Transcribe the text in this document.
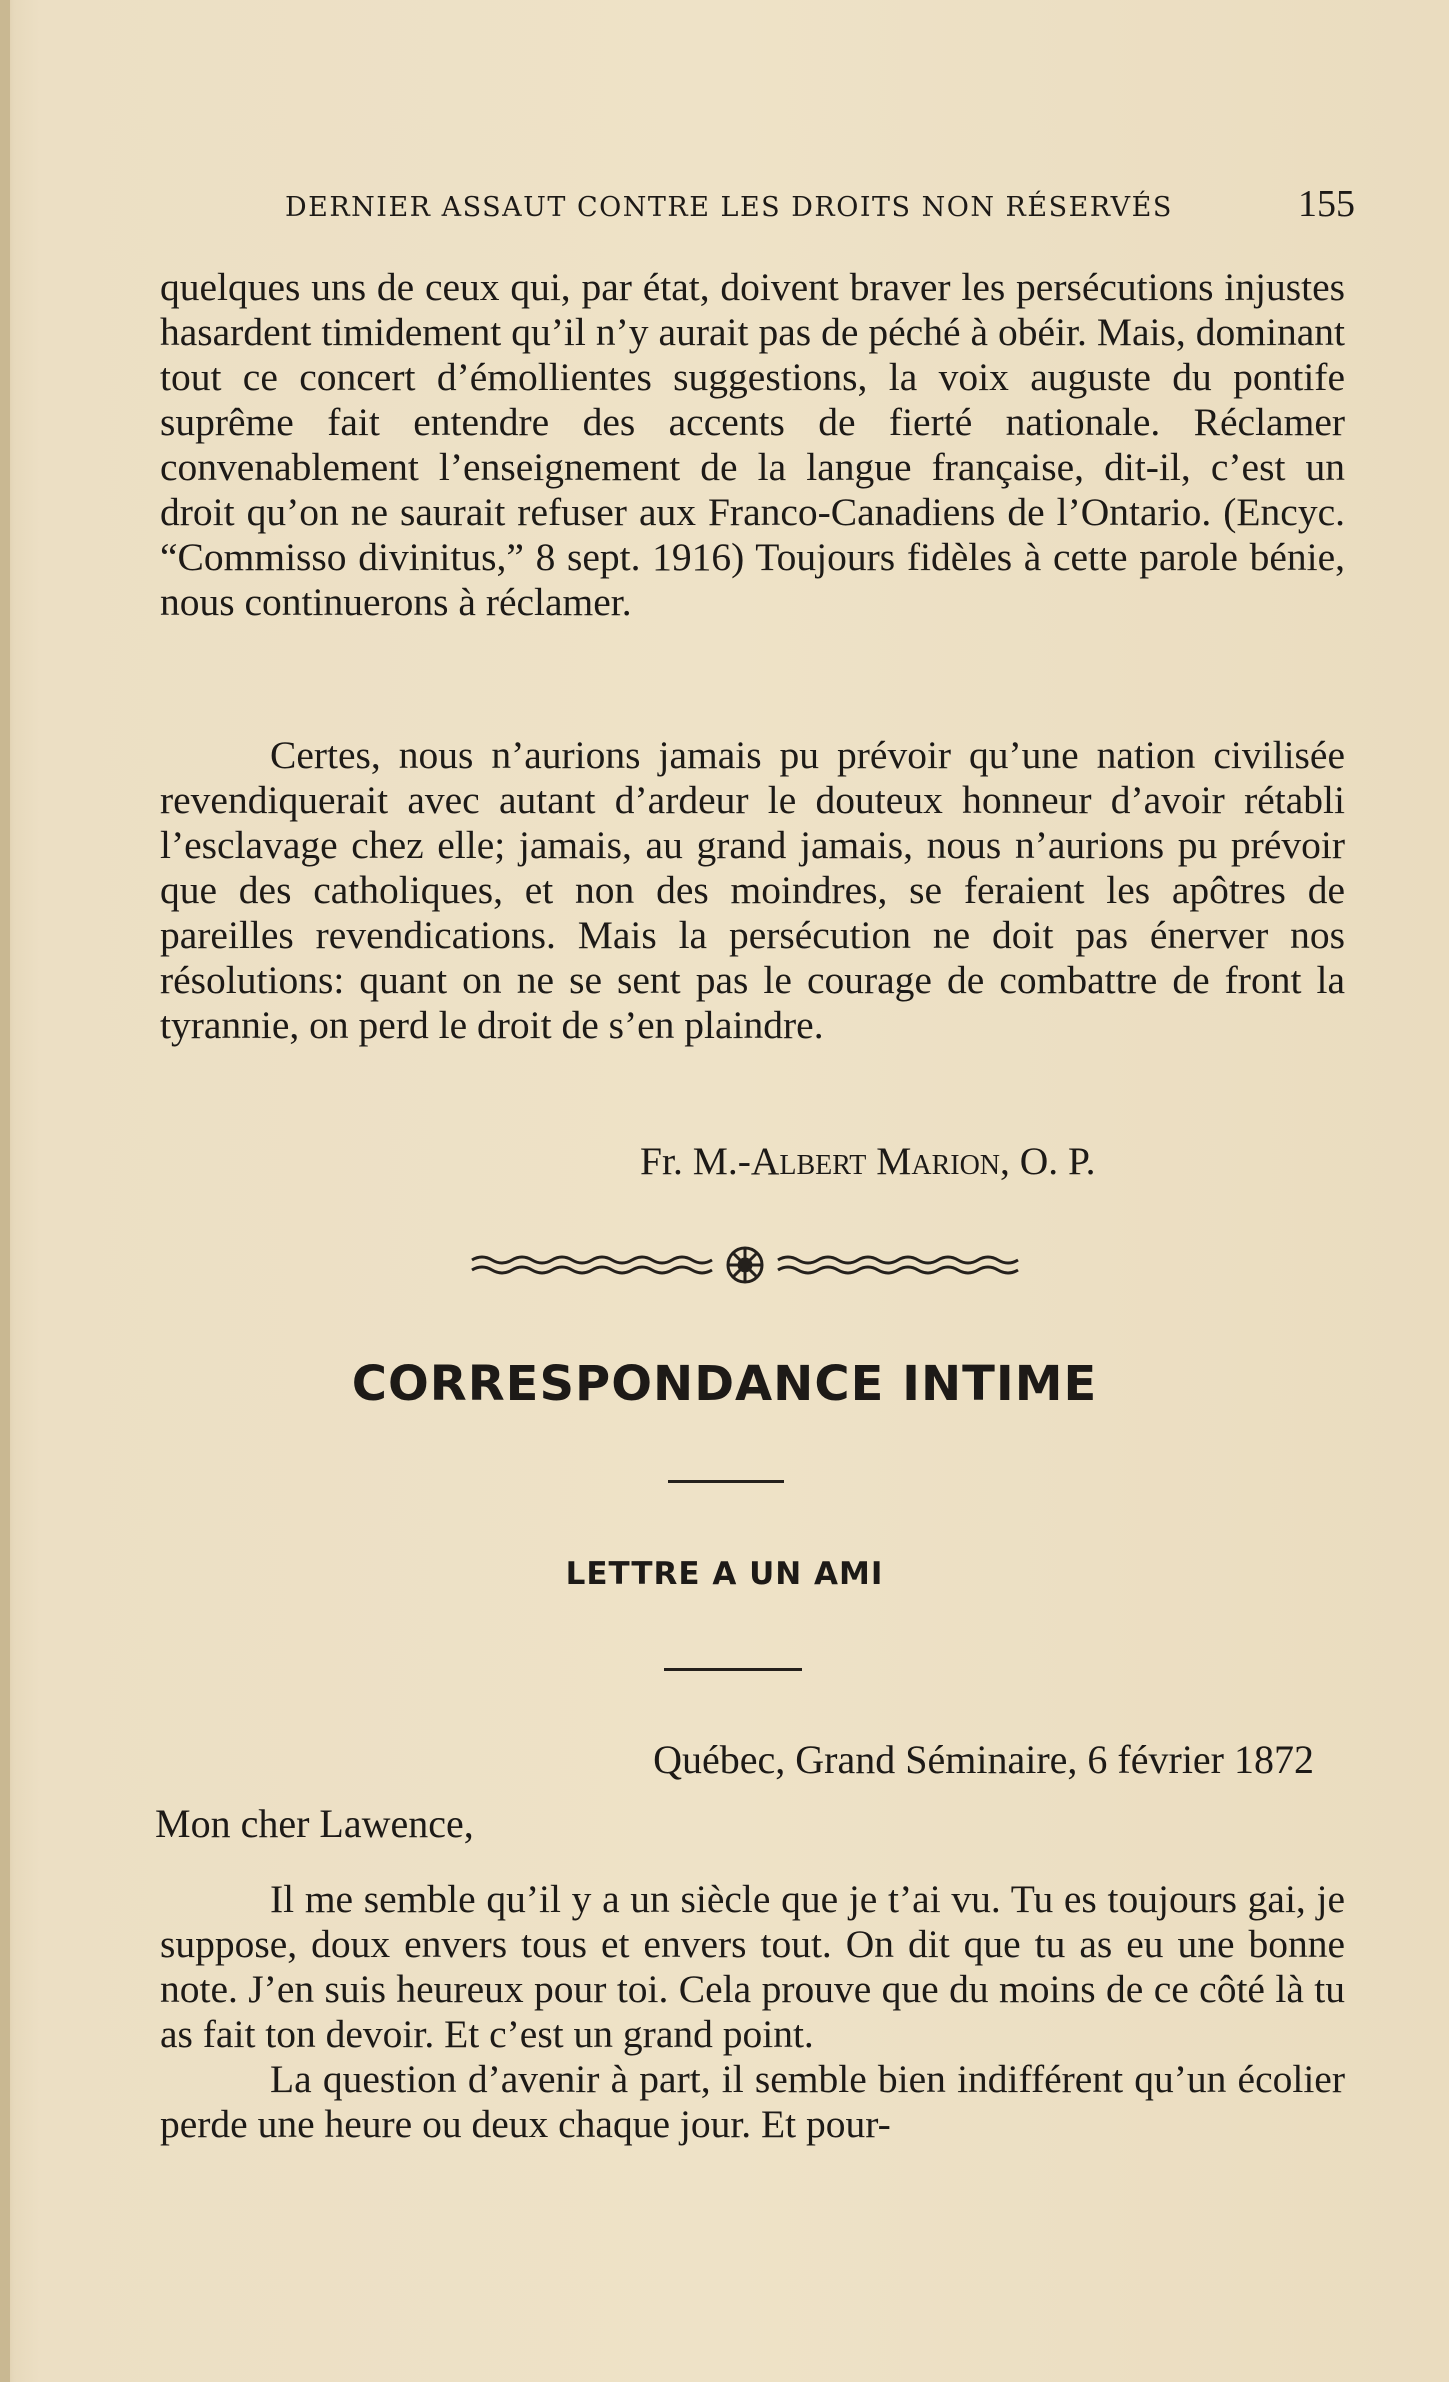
DERNIER ASSAUT CONTRE LES DROITS NON RÉSERVÉS	155

quelques uns de ceux qui, par état, doivent braver les persécutions injustes hasardent timidement qu’il n’y aurait pas de péché à obéir. Mais, dominant tout ce concert d’émollientes suggestions, la voix auguste du pontife suprême fait entendre des accents de fierté nationale. Réclamer convenablement l’enseignement de la langue française, dit-il, c’est un droit qu’on ne saurait refuser aux Franco-Canadiens de l’Ontario. (Encyc. “Commisso divinitus,” 8 sept. 1916) Toujours fidèles à cette parole bénie, nous continuerons à réclamer.

Certes, nous n’aurions jamais pu prévoir qu’une nation civilisée revendiquerait avec autant d’ardeur le douteux honneur d’avoir rétabli l’esclavage chez elle; jamais, au grand jamais, nous n’aurions pu prévoir que des catholiques, et non des moindres, se feraient les apôtres de pareilles revendications. Mais la persécution ne doit pas énerver nos résolutions: quant on ne se sent pas le courage de combattre de front la tyrannie, on perd le droit de s’en plaindre.

Fr. M.-Albert Marion, O. P.
CORRESPONDANCE INTIME
LETTRE A UN AMI
Québec, Grand Séminaire, 6 février 1872
Mon cher Lawence,

Il me semble qu’il y a un siècle que je t’ai vu. Tu es toujours gai, je suppose, doux envers tous et envers tout. On dit que tu as eu une bonne note. J’en suis heureux pour toi. Cela prouve que du moins de ce côté là tu as fait ton devoir. Et c’est un grand point.

La question d’avenir à part, il semble bien indifférent qu’un écolier perde une heure ou deux chaque jour. Et pour-
